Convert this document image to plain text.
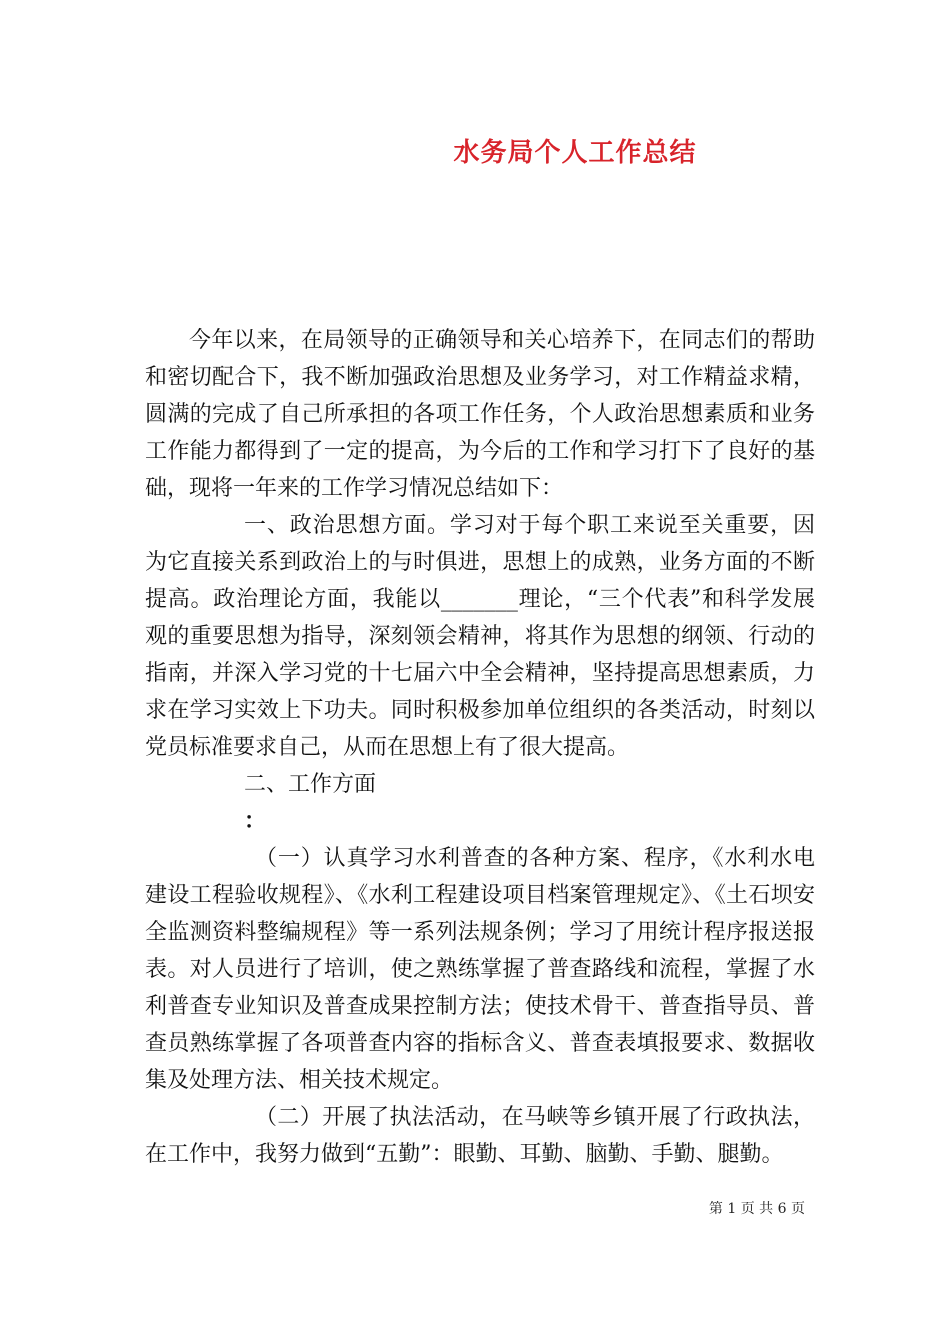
水务局个人工作总结

今年以来，在局领导的正确领导和关心培养下，在同志们的帮助和密切配合下，我不断加强政治思想及业务学习，对工作精益求精，圆满的完成了自己所承担的各项工作任务，个人政治思想素质和业务工作能力都得到了一定的提高，为今后的工作和学习打下了良好的基础，现将一年来的工作学习情况总结如下：

一、政治思想方面。学习对于每个职工来说至关重要，因为它直接关系到政治上的与时俱进，思想上的成熟，业务方面的不断提高。政治理论方面，我能以_______理论，“三个代表”和科学发展观的重要思想为指导，深刻领会精神，将其作为思想的纲领、行动的指南，并深入学习党的十七届六中全会精神，坚持提高思想素质，力求在学习实效上下功夫。同时积极参加单位组织的各类活动，时刻以党员标准要求自己，从而在思想上有了很大提高。

二、工作方面

：

（一）认真学习水利普查的各种方案、程序，《水利水电建设工程验收规程》、《水利工程建设项目档案管理规定》、《土石坝安全监测资料整编规程》等一系列法规条例；学习了用统计程序报送报表。对人员进行了培训，使之熟练掌握了普查路线和流程，掌握了水利普查专业知识及普查成果控制方法；使技术骨干、普查指导员、普查员熟练掌握了各项普查内容的指标含义、普查表填报要求、数据收集及处理方法、相关技术规定。

（二）开展了执法活动，在马峡等乡镇开展了行政执法，在工作中，我努力做到“五勤”：眼勤、耳勤、脑勤、手勤、腿勤。

第 1 页 共 6 页
